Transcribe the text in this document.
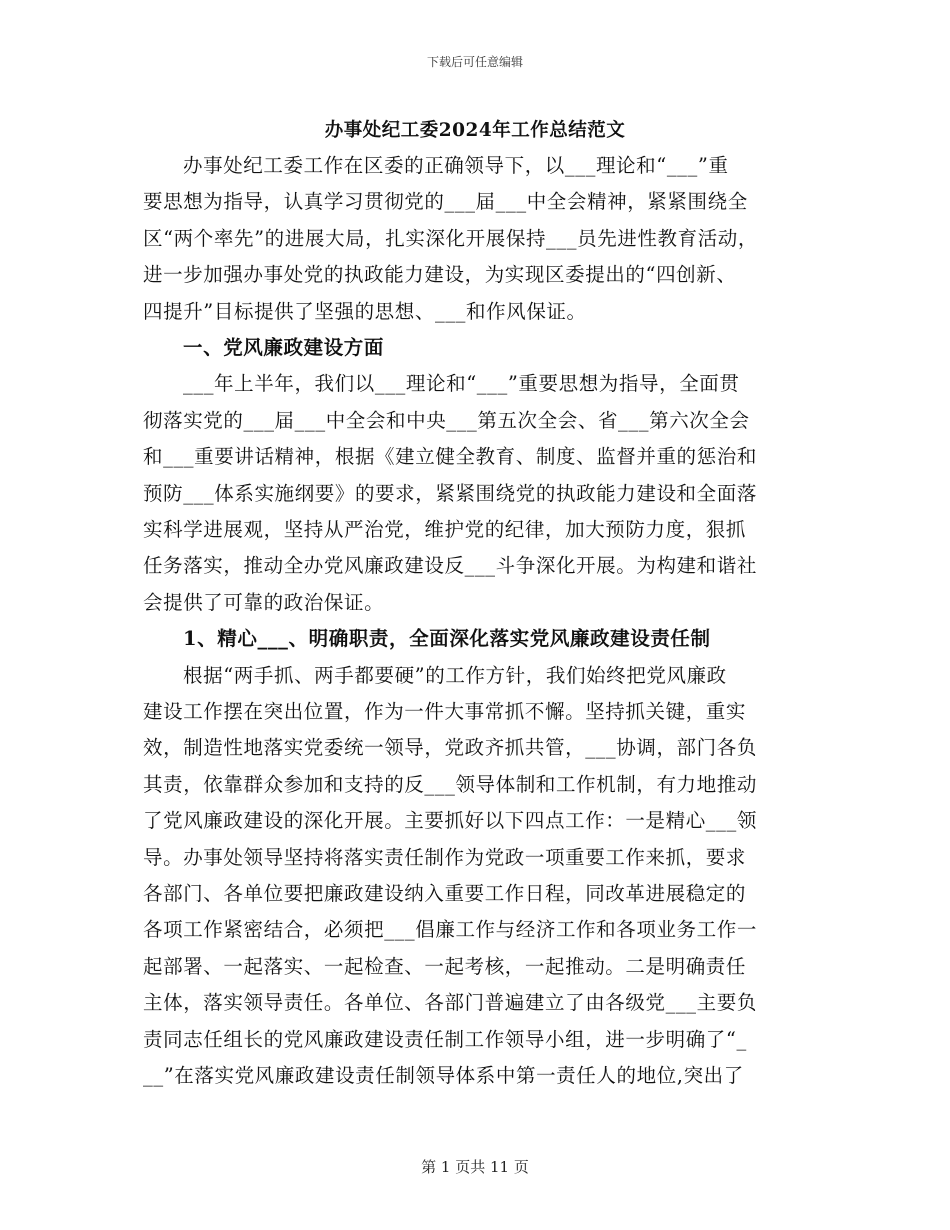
下载后可任意编辑
办事处纪工委2024年工作总结范文
办事处纪工委工作在区委的正确领导下，以___理论和“___”重
要思想为指导，认真学习贯彻党的___届___中全会精神，紧紧围绕全
区“两个率先”的进展大局，扎实深化开展保持___员先进性教育活动，
进一步加强办事处党的执政能力建设，为实现区委提出的“四创新、
四提升”目标提供了坚强的思想、___和作风保证。
一、党风廉政建设方面
___年上半年，我们以___理论和“___”重要思想为指导，全面贯
彻落实党的___届___中全会和中央___第五次全会、省___第六次全会
和___重要讲话精神，根据《建立健全教育、制度、监督并重的惩治和
预防___体系实施纲要》的要求，紧紧围绕党的执政能力建设和全面落
实科学进展观，坚持从严治党，维护党的纪律，加大预防力度，狠抓
任务落实，推动全办党风廉政建设反___斗争深化开展。为构建和谐社
会提供了可靠的政治保证。
1、精心___、明确职责，全面深化落实党风廉政建设责任制
根据“两手抓、两手都要硬”的工作方针，我们始终把党风廉政
建设工作摆在突出位置，作为一件大事常抓不懈。坚持抓关键，重实
效，制造性地落实党委统一领导，党政齐抓共管，___协调，部门各负
其责，依靠群众参加和支持的反___领导体制和工作机制，有力地推动
了党风廉政建设的深化开展。主要抓好以下四点工作：一是精心___领
导。办事处领导坚持将落实责任制作为党政一项重要工作来抓，要求
各部门、各单位要把廉政建设纳入重要工作日程，同改革进展稳定的
各项工作紧密结合，必须把___倡廉工作与经济工作和各项业务工作一
起部署、一起落实、一起检查、一起考核，一起推动。二是明确责任
主体，落实领导责任。各单位、各部门普遍建立了由各级党___主要负
责同志任组长的党风廉政建设责任制工作领导小组，进一步明确了“_
__”在落实党风廉政建设责任制领导体系中第一责任人的地位,突出了
第 1 页共 11 页
